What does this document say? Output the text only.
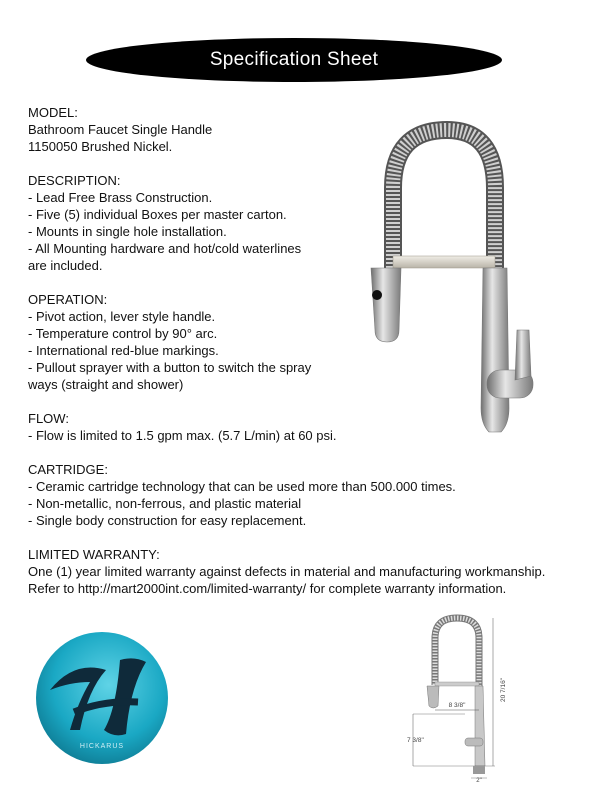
Specification Sheet
MODEL:
Bathroom Faucet Single Handle
1150050 Brushed Nickel.
DESCRIPTION:
- Lead Free Brass Construction.
- Five (5) individual Boxes per master carton.
- Mounts in single hole installation.
- All Mounting hardware and hot/cold waterlines
are included.
OPERATION:
- Pivot action, lever style handle.
- Temperature control by 90° arc.
- International red-blue markings.
- Pullout sprayer with a button to switch the spray
ways (straight and shower)
FLOW:
- Flow is limited to 1.5 gpm max. (5.7 L/min) at 60 psi.
CARTRIDGE:
- Ceramic cartridge technology that can be used more than 500.000 times.
- Non-metallic, non-ferrous, and plastic material
- Single body construction for easy replacement.
LIMITED WARRANTY:
One (1) year limited warranty against defects in material and manufacturing workmanship.
Refer to http://mart2000int.com/limited-warranty/ for complete warranty information.
HICKARUS
20 7/16"
8 3/8"
7 3/8"
2"
